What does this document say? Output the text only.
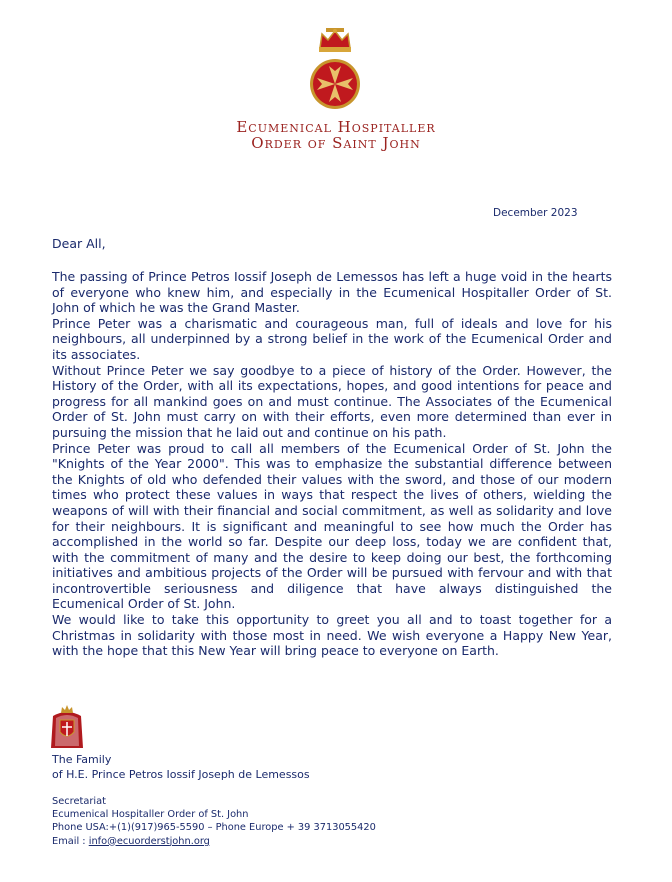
Ecumenical Hospitaller
Order of Saint John
December 2023
Dear All,

The passing of Prince Petros Iossif Joseph de Lemessos has left a huge void in the hearts of everyone who knew him, and especially in the Ecumenical Hospitaller Order of St. John of which he was the Grand Master.

Prince Peter was a charismatic and courageous man, full of ideals and love for his neighbours, all underpinned by a strong belief in the work of the Ecumenical Order and its associates.

Without Prince Peter we say goodbye to a piece of history of the Order. However, the History of the Order, with all its expectations, hopes, and good intentions for peace and progress for all mankind goes on and must continue. The Associates of the Ecumenical Order of St. John must carry on with their efforts, even more determined than ever in pursuing the mission that he laid out and continue on his path.

Prince Peter was proud to call all members of the Ecumenical Order of St. John the "Knights of the Year 2000". This was to emphasize the substantial difference between the Knights of old who defended their values with the sword, and those of our modern times who protect these values in ways that respect the lives of others, wielding the weapons of will with their financial and social commitment, as well as solidarity and love for their neighbours. It is significant and meaningful to see how much the Order has accomplished in the world so far. Despite our deep loss, today we are confident that, with the commitment of many and the desire to keep doing our best, the forthcoming initiatives and ambitious projects of the Order will be pursued with fervour and with that incontrovertible seriousness and diligence that have always distinguished the Ecumenical Order of St. John.

We would like to take this opportunity to greet you all and to toast together for a Christmas in solidarity with those most in need. We wish everyone a Happy New Year, with the hope that this New Year will bring peace to everyone on Earth.

The Family
of H.E. Prince Petros Iossif Joseph de Lemessos
Secretariat
Ecumenical Hospitaller Order of St. John
Phone USA:+(1)(917)965-5590 – Phone Europe + 39 3713055420
Email : info@ecuorderstjohn.org
